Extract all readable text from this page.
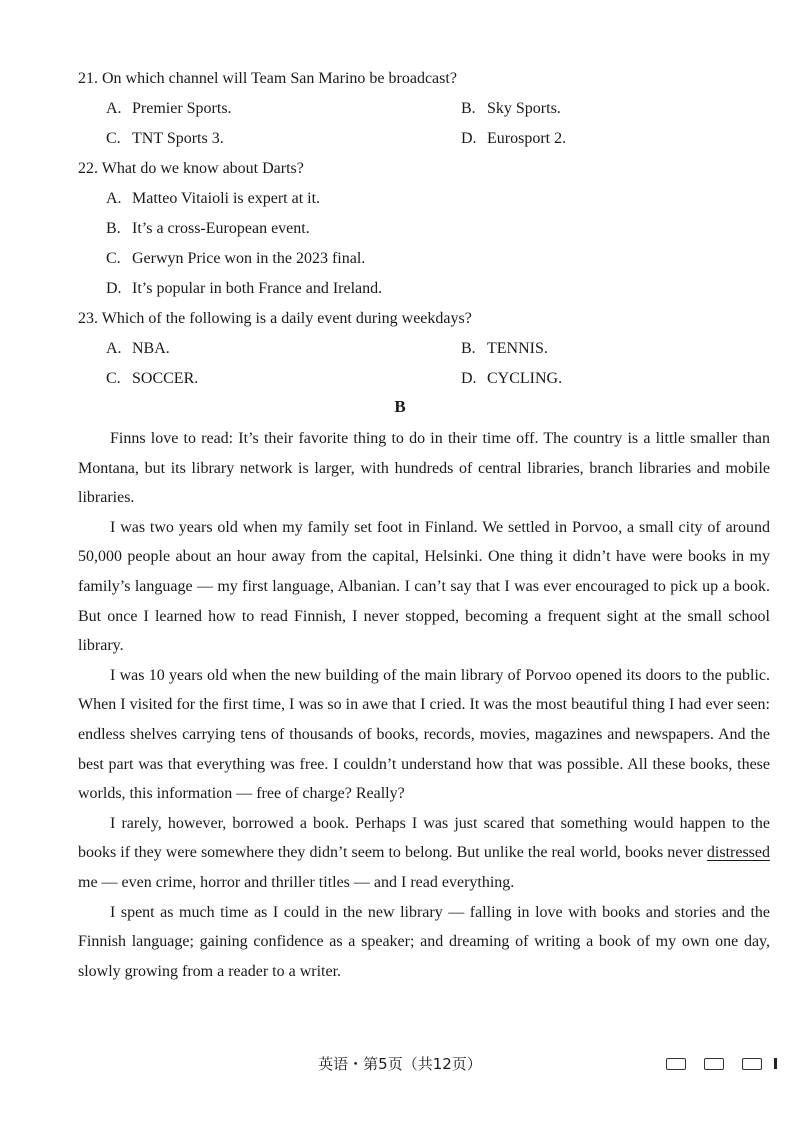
21. On which channel will Team San Marino be broadcast?
A. Premier Sports.	B. Sky Sports.
C. TNT Sports 3.	D. Eurosport 2.
22. What do we know about Darts?
A. Matteo Vitaioli is expert at it.
B. It’s a cross-European event.
C. Gerwyn Price won in the 2023 final.
D. It’s popular in both France and Ireland.
23. Which of the following is a daily event during weekdays?
A. NBA.	B. TENNIS.
C. SOCCER.	D. CYCLING.
B

Finns love to read: It’s their favorite thing to do in their time off. The country is a little smaller than Montana, but its library network is larger, with hundreds of central libraries, branch libraries and mobile libraries.

I was two years old when my family set foot in Finland. We settled in Porvoo, a small city of around 50,000 people about an hour away from the capital, Helsinki. One thing it didn’t have were books in my family’s language — my first language, Albanian. I can’t say that I was ever encouraged to pick up a book. But once I learned how to read Finnish, I never stopped, becoming a frequent sight at the small school library.

I was 10 years old when the new building of the main library of Porvoo opened its doors to the public. When I visited for the first time, I was so in awe that I cried. It was the most beautiful thing I had ever seen: endless shelves carrying tens of thousands of books, records, movies, magazines and newspapers. And the best part was that everything was free. I couldn’t understand how that was possible. All these books, these worlds, this information — free of charge? Really?

I rarely, however, borrowed a book. Perhaps I was just scared that something would happen to the books if they were somewhere they didn’t seem to belong. But unlike the real world, books never distressed me — even crime, horror and thriller titles — and I read everything.

I spent as much time as I could in the new library — falling in love with books and stories and the Finnish language; gaining confidence as a speaker; and dreaming of writing a book of my own one day, slowly growing from a reader to a writer.

英语・第5页（共12页）
